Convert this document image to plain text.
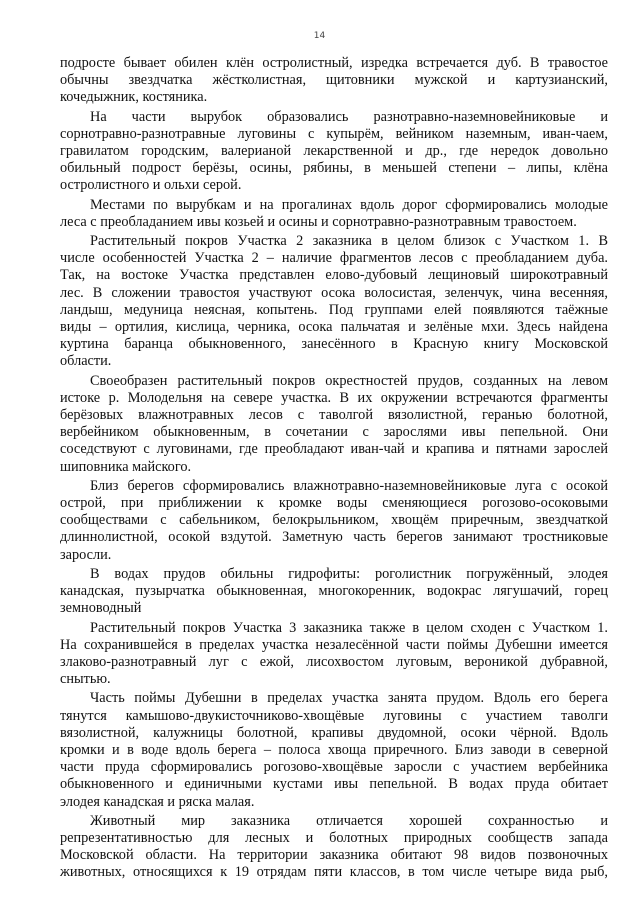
14
подросте бывает обилен клён остролистный, изредка встречается дуб. В травостое
обычны звездчатка жёстколистная, щитовники мужской и картузианский,
кочедыжник, костяника.
На части вырубок образовались разнотравно-наземновейниковые и
сорнотравно-разнотравные луговины с купырём, вейником наземным, иван-чаем,
гравилатом городским, валерианой лекарственной и др., где нередок довольно
обильный подрост берёзы, осины, рябины, в меньшей степени – липы, клёна
остролистного и ольхи серой.
Местами по вырубкам и на прогалинах вдоль дорог сформировались молодые
леса с преобладанием ивы козьей и осины и сорнотравно-разнотравным травостоем.
Растительный покров Участка 2 заказника в целом близок с Участком 1. В
числе особенностей Участка 2 – наличие фрагментов лесов с преобладанием дуба.
Так, на востоке Участка представлен елово-дубовый лещиновый широкотравный
лес. В сложении травостоя участвуют осока волосистая, зеленчук, чина весенняя,
ландыш, медуница неясная, копытень. Под группами елей появляются таёжные
виды – ортилия, кислица, черника, осока пальчатая и зелёные мхи. Здесь найдена
куртина баранца обыкновенного, занесённого в Красную книгу Московской
области.
Своеобразен растительный покров окрестностей прудов, созданных на левом
истоке р. Молодельня на севере участка. В их окружении встречаются фрагменты
берёзовых влажнотравных лесов с таволгой вязолистной, геранью болотной,
вербейником обыкновенным, в сочетании с зарослями ивы пепельной. Они
соседствуют с луговинами, где преобладают иван-чай и крапива и пятнами зарослей
шиповника майского.
Близ берегов сформировались влажнотравно-наземновейниковые луга с осокой
острой, при приближении к кромке воды сменяющиеся рогозово-осоковыми
сообществами с сабельником, белокрыльником, хвощём приречным, звездчаткой
длиннолистной, осокой вздутой. Заметную часть берегов занимают тростниковые
заросли.
В водах прудов обильны гидрофиты: роголистник погружённый, элодея
канадская, пузырчатка обыкновенная, многокоренник, водокрас лягушачий, горец
земноводный
Растительный покров Участка 3 заказника также в целом сходен с Участком 1.
На сохранившейся в пределах участка незалесённой части поймы Дубешни имеется
злаково-разнотравный луг с ежой, лисохвостом луговым, вероникой дубравной,
снытью.
Часть поймы Дубешни в пределах участка занята прудом. Вдоль его берега
тянутся камышово-двукисточниково-хвощёвые луговины с участием таволги
вязолистной, калужницы болотной, крапивы двудомной, осоки чёрной. Вдоль
кромки и в воде вдоль берега – полоса хвоща приречного. Близ заводи в северной
части пруда сформировались рогозово-хвощёвые заросли с участием вербейника
обыкновенного и единичными кустами ивы пепельной. В водах пруда обитает
элодея канадская и ряска малая.
Животный мир заказника отличается хорошей сохранностью и
репрезентативностью для лесных и болотных природных сообществ запада
Московской области. На территории заказника обитают 98 видов позвоночных
животных, относящихся к 19 отрядам пяти классов, в том числе четыре вида рыб,
